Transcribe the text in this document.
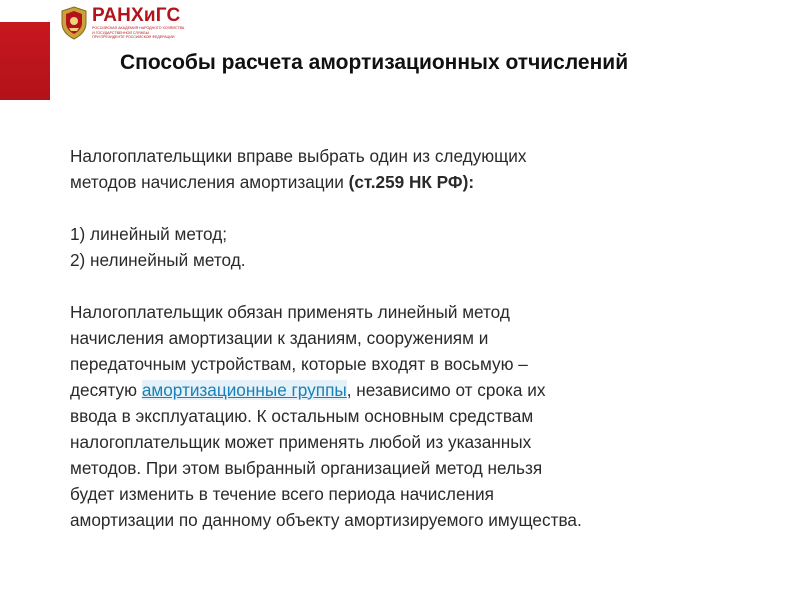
РАНХиГС
РОССИЙСКАЯ АКАДЕМИЯ НАРОДНОГО ХОЗЯЙСТВА
И ГОСУДАРСТВЕННОЙ СЛУЖБЫ
ПРИ ПРЕЗИДЕНТЕ РОССИЙСКОЙ ФЕДЕРАЦИИ
Способы расчета амортизационных отчислений

Налогоплательщики вправе выбрать один из следующих

методов начисления амортизации (ст.259 НК РФ):

1) линейный метод;

2) нелинейный метод.

Налогоплательщик обязан применять линейный метод

начисления амортизации к зданиям, сооружениям и

передаточным устройствам, которые входят в восьмую –

десятую амортизационные группы, независимо от срока их

ввода в эксплуатацию. К остальным основным средствам

налогоплательщик может применять любой из указанных

методов. При этом выбранный организацией метод нельзя

будет изменить в течение всего периода начисления

амортизации по данному объекту амортизируемого имущества.
